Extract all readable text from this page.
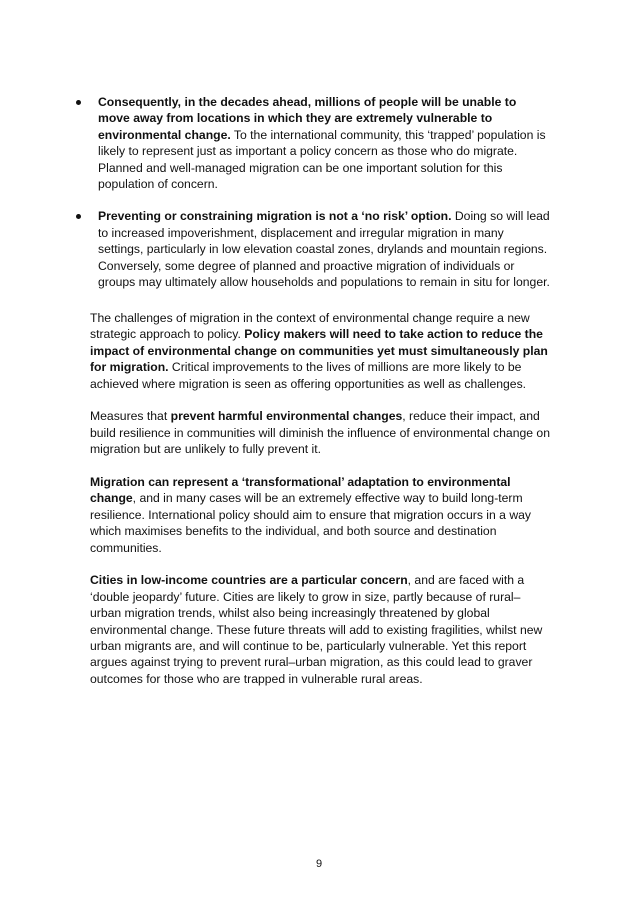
Consequently, in the decades ahead, millions of people will be unable to move away from locations in which they are extremely vulnerable to environmental change. To the international community, this ‘trapped’ population is likely to represent just as important a policy concern as those who do migrate. Planned and well-managed migration can be one important solution for this population of concern.
Preventing or constraining migration is not a ‘no risk’ option. Doing so will lead to increased impoverishment, displacement and irregular migration in many settings, particularly in low elevation coastal zones, drylands and mountain regions. Conversely, some degree of planned and proactive migration of individuals or groups may ultimately allow households and populations to remain in situ for longer.

The challenges of migration in the context of environmental change require a new strategic approach to policy. Policy makers will need to take action to reduce the impact of environmental change on communities yet must simultaneously plan for migration. Critical improvements to the lives of millions are more likely to be achieved where migration is seen as offering opportunities as well as challenges.

Measures that prevent harmful environmental changes, reduce their impact, and build resilience in communities will diminish the influence of environmental change on migration but are unlikely to fully prevent it.

Migration can represent a ‘transformational’ adaptation to environmental change, and in many cases will be an extremely effective way to build long-term resilience. International policy should aim to ensure that migration occurs in a way which maximises benefits to the individual, and both source and destination communities.

Cities in low-income countries are a particular concern, and are faced with a ‘double jeopardy’ future. Cities are likely to grow in size, partly because of rural–urban migration trends, whilst also being increasingly threatened by global environmental change. These future threats will add to existing fragilities, whilst new urban migrants are, and will continue to be, particularly vulnerable. Yet this report argues against trying to prevent rural–urban migration, as this could lead to graver outcomes for those who are trapped in vulnerable rural areas.

9
